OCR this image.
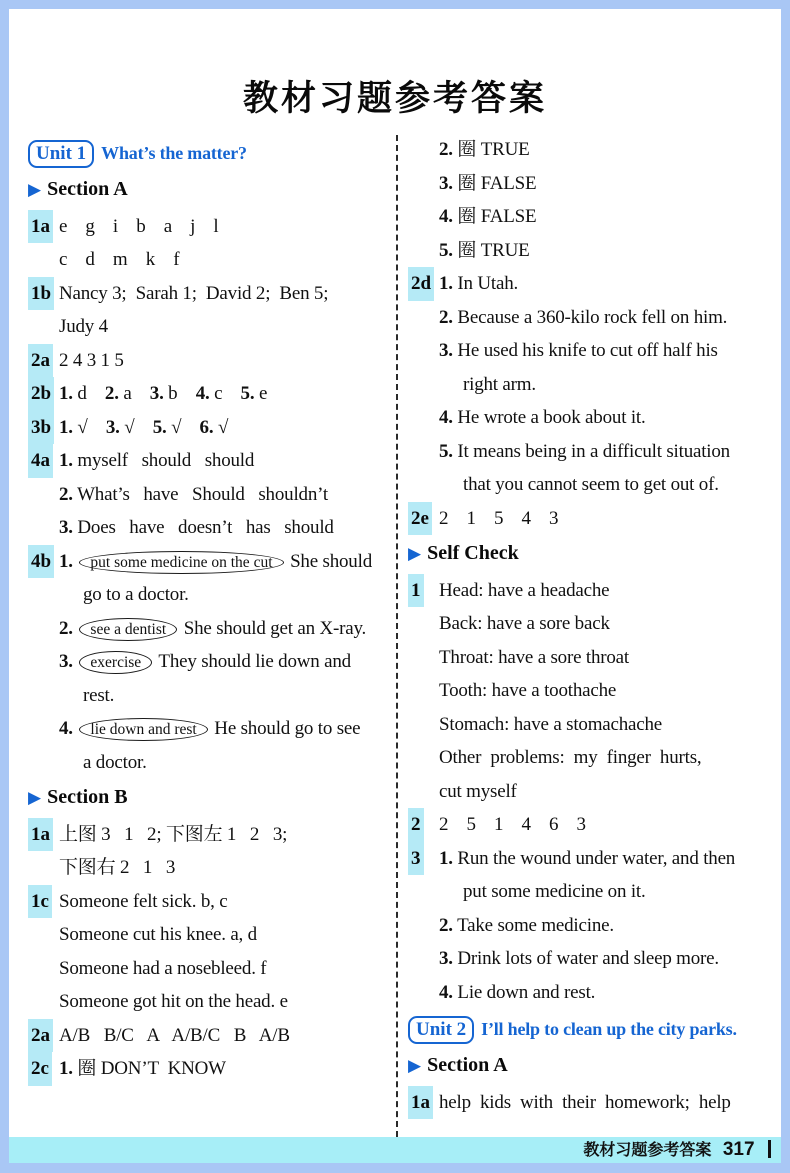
教材习题参考答案
Unit 1 What’s the matter?
▶ Section A
1a e    g    i    b    a    j    l
c    d    m    k    f
1b Nancy 3;  Sarah 1;  David 2;  Ben 5;
Judy 4
2a 2 4 3 1 5
2b 1. d    2. a    3. b    4. c    5. e
3b 1. √    3. √    5. √    6. √
4a 1. myself   should   should
2. What’s   have   Should   shouldn’t
3. Does   have   doesn’t   has   should
4b 1. put some medicine on the cut She should
go to a doctor.
2. see a dentist She should get an X-ray.
3. exercise They should lie down and
rest.
4. lie down and rest He should go to see
a doctor.
▶ Section B
1a 上图 3   1   2; 下图左 1   2   3;
下图右 2   1   3
1c Someone felt sick. b, c
Someone cut his knee. a, d
Someone had a nosebleed. f
Someone got hit on the head. e
2a A/B   B/C   A   A/B/C   B   A/B
2c 1. 圈 DON’T  KNOW
2. 圈 TRUE
3. 圈 FALSE
4. 圈 FALSE
5. 圈 TRUE
2d 1. In Utah.
2. Because a 360-kilo rock fell on him.
3. He used his knife to cut off half his
right arm.
4. He wrote a book about it.
5. It means being in a difficult situation
that you cannot seem to get out of.
2e 2    1    5    4    3
▶ Self Check
1 Head: have a headache
Back: have a sore back
Throat: have a sore throat
Tooth: have a toothache
Stomach: have a stomachache
Other  problems:  my  finger  hurts,
cut myself
2 2    5    1    4    6    3
3 1. Run the wound under water, and then
put some medicine on it.
2. Take some medicine.
3. Drink lots of water and sleep more.
4. Lie down and rest.
Unit 2 I’ll help to clean up the city parks.
▶ Section A
1a help  kids  with  their  homework;  help
教材习题参考答案 317
